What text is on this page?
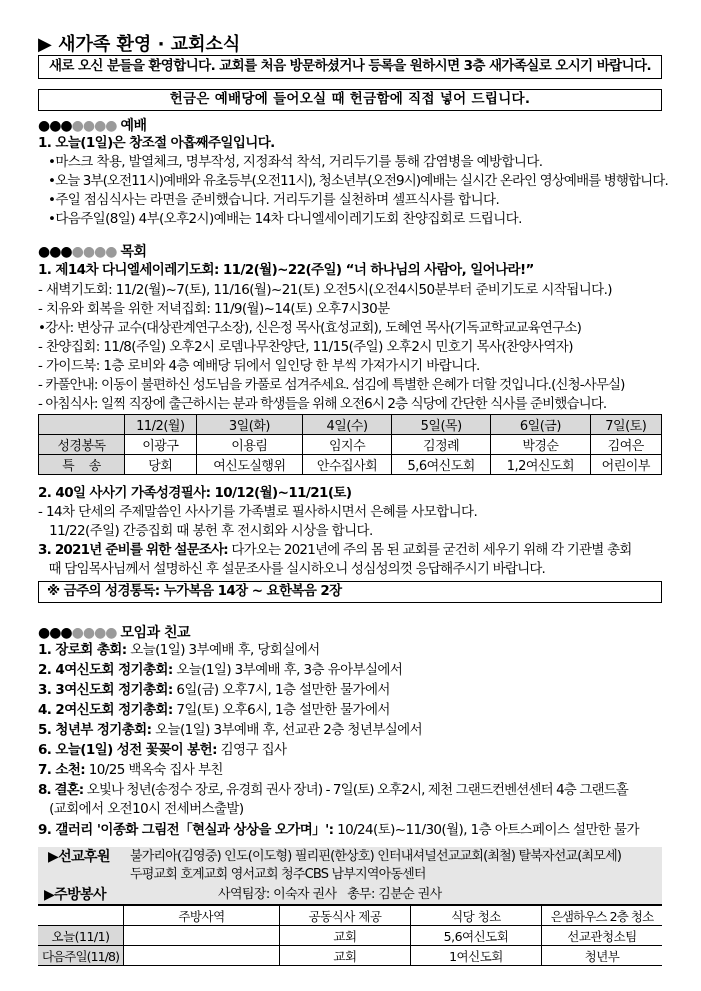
▶ 새가족 환영 · 교회소식
새로 오신 분들을 환영합니다. 교회를 처음 방문하셨거나 등록을 원하시면 3층 새가족실로 오시기 바랍니다.
헌금은 예배당에 들어오실 때 헌금함에 직접 넣어 드립니다.
●●●●●●● 예배
1. 오늘(1일)은 창조절 아홉째주일입니다.
•마스크 착용, 발열체크, 명부작성, 지정좌석 착석, 거리두기를 통해 감염병을 예방합니다.
•오늘 3부(오전11시)예배와 유초등부(오전11시), 청소년부(오전9시)예배는 실시간 온라인 영상예배를 병행합니다.
•주일 점심식사는 라면을 준비했습니다. 거리두기를 실천하며 셀프식사를 합니다.
•다음주일(8일) 4부(오후2시)예배는 14차 다니엘세이레기도회 찬양집회로 드립니다.
●●●●●●● 목회
1. 제14차 다니엘세이레기도회: 11/2(월)~22(주일) “너 하나님의 사람아, 일어나라!”
- 새벽기도회: 11/2(월)~7(토), 11/16(월)~21(토) 오전5시(오전4시50분부터 준비기도로 시작됩니다.)
- 치유와 회복을 위한 저녁집회: 11/9(월)~14(토) 오후7시30분
•강사: 변상규 교수(대상관계연구소장), 신은정 목사(효성교회), 도혜연 목사(기독교학교교육연구소)
- 찬양집회: 11/8(주일) 오후2시 로뎀나무찬양단, 11/15(주일) 오후2시 민호기 목사(찬양사역자)
- 가이드북: 1층 로비와 4층 예배당 뒤에서 일인당 한 부씩 가져가시기 바랍니다.
- 카풀안내: 이동이 불편하신 성도님을 카풀로 섬겨주세요. 섬김에 특별한 은혜가 더할 것입니다.(신청-사무실)
- 아침식사: 일찍 직장에 출근하시는 분과 학생들을 위해 오전6시 2층 식당에 간단한 식사를 준비했습니다.
	11/2(월)	3일(화)	4일(수)	5일(목)	6일(금)	7일(토)
성경봉독	이광구	이용림	임지수	김정례	박경순	김여은
특    송	당회	여신도실행위	안수집사회	5,6여신도회	1,2여신도회	어린이부
2. 40일 사사기 가족성경필사: 10/12(월)~11/21(토)
- 14차 단세의 주제말씀인 사사기를 가족별로 필사하시면서 은혜를 사모합니다.
11/22(주일) 간증집회 때 봉헌 후 전시회와 시상을 합니다.
3. 2021년 준비를 위한 설문조사: 다가오는 2021년에 주의 몸 된 교회를 굳건히 세우기 위해 각 기관별 총회
때 담임목사님께서 설명하신 후 설문조사를 실시하오니 성심성의껏 응답해주시기 바랍니다.
※ 금주의 성경통독: 누가복음 14장 ~ 요한복음 2장
●●●●●●● 모임과 친교
1. 장로회 총회: 오늘(1일) 3부예배 후, 당회실에서
2. 4여신도회 정기총회: 오늘(1일) 3부예배 후, 3층 유아부실에서
3. 3여신도회 정기총회: 6일(금) 오후7시, 1층 설만한 물가에서
4. 2여신도회 정기총회: 7일(토) 오후6시, 1층 설만한 물가에서
5. 청년부 정기총회: 오늘(1일) 3부예배 후, 선교관 2층 청년부실에서
6. 오늘(1일) 성전 꽃꽂이 봉헌: 김영구 집사
7. 소천: 10/25 백옥숙 집사 부친
8. 결혼: 오빛나 청년(송정수 장로, 유경희 권사 장녀) - 7일(토) 오후2시, 제천 그랜드컨벤션센터 4층 그랜드홀
(교회에서 오전10시 전세버스출발)
9. 갤러리 '이종화 그림전「현실과 상상을 오가며」': 10/24(토)~11/30(월), 1층 아트스페이스 설만한 물가
▶선교후원 불가리아(김영중) 인도(이도형) 필리핀(한상호) 인터내셔널선교교회(최철) 탈북자선교(최모세)
두평교회 호계교회 영서교회 청주CBS 남부지역아동센터
▶주방봉사	사역팀장: 이숙자 권사   총무: 김분순 권사
	주방사역	공동식사 제공	식당 청소	은샘하우스 2층 청소
오늘(11/1)		교회	5,6여신도회	선교관청소팀
다음주일(11/8)		교회	1여신도회	청년부
